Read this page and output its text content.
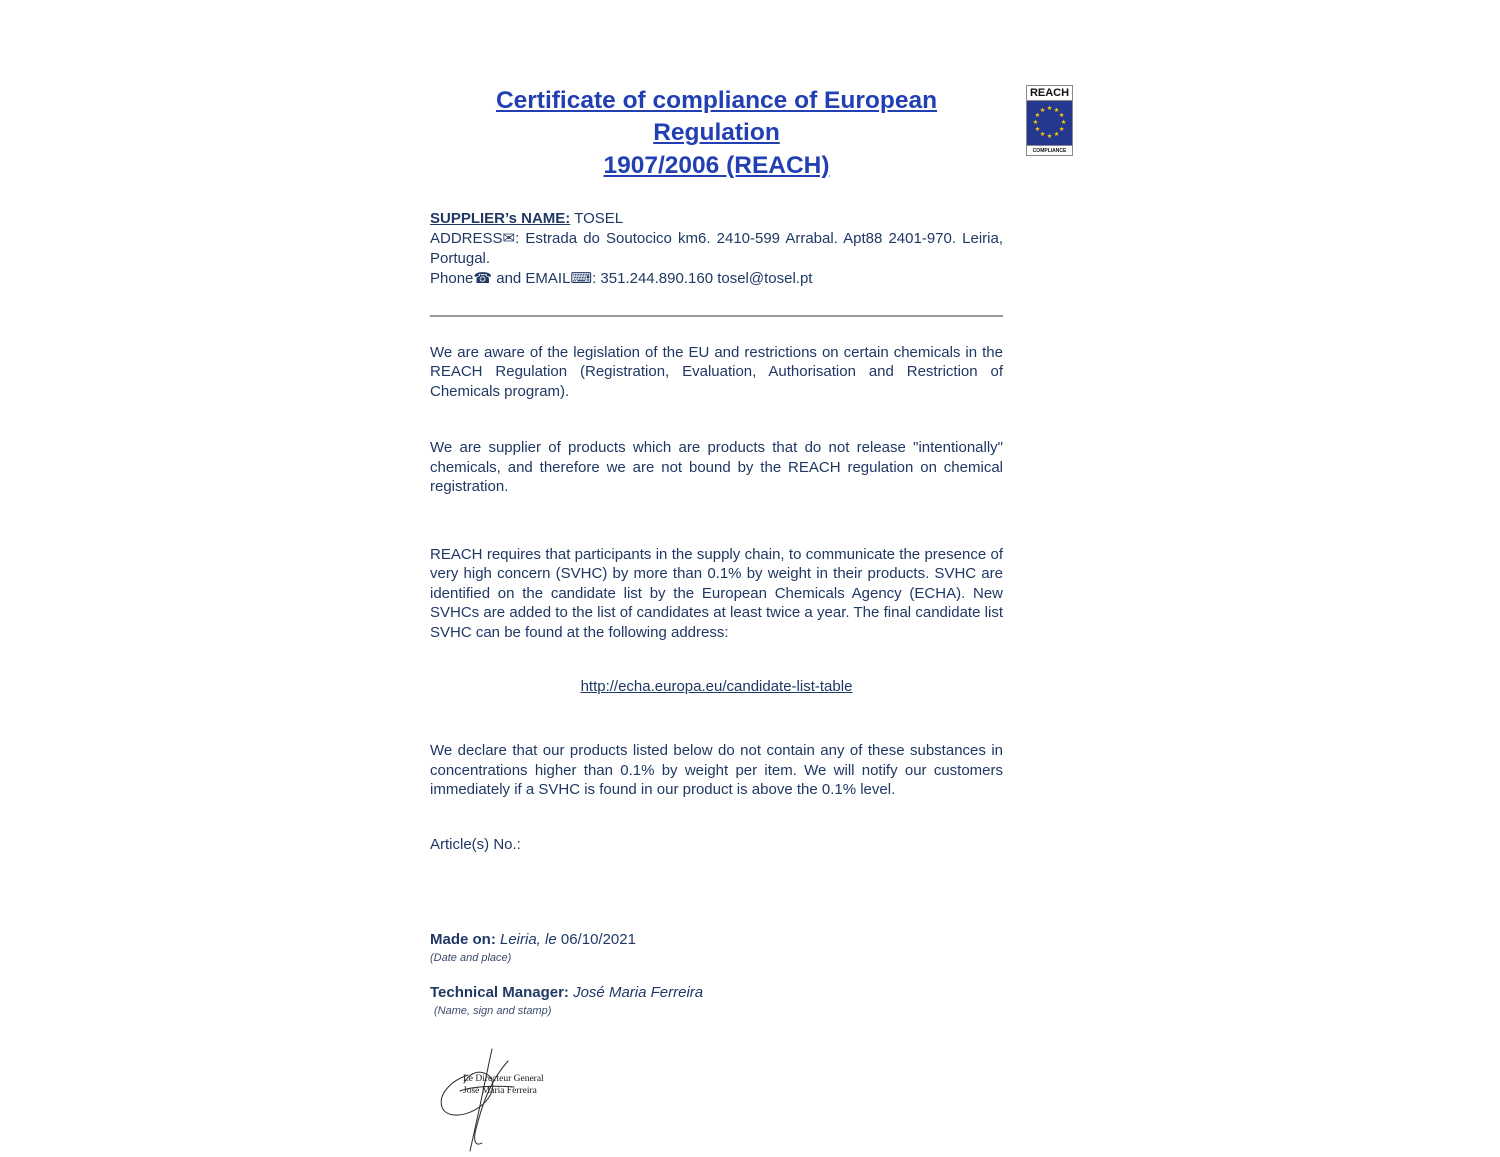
REACH
★ ★
★
★
★
★
★
★
★
★
★
★
COMPLIANCE
Certificate of compliance of European Regulation
1907/2006 (REACH)
SUPPLIER’s NAME: TOSEL
ADDRESS✉: Estrada do Soutocico km6. 2410-599 Arrabal. Apt88 2401-970. Leiria, Portugal.
Phone☎ and EMAIL⌨: 351.244.890.160 tosel@tosel.pt

We are aware of the legislation of the EU and restrictions on certain chemicals in the REACH Regulation (Registration, Evaluation, Authorisation and Restriction of Chemicals program).

We are supplier of products which are products that do not release "intentionally" chemicals, and therefore we are not bound by the REACH regulation on chemical registration.

REACH requires that participants in the supply chain, to communicate the presence of very high concern (SVHC) by more than 0.1% by weight in their products. SVHC are identified on the candidate list by the European Chemicals Agency (ECHA). New SVHCs are added to the list of candidates at least twice a year. The final candidate list SVHC can be found at the following address:

http://echa.europa.eu/candidate-list-table

We declare that our products listed below do not contain any of these substances in concentrations higher than 0.1% by weight per item. We will notify our customers immediately if a SVHC is found in our product is above the 0.1% level.

Article(s) No.:

Made on: Leiria, le 06/10/2021
(Date and place)
Technical Manager: José Maria Ferreira
(Name, sign and stamp)
Le Directeur General
José Maria Ferreira
